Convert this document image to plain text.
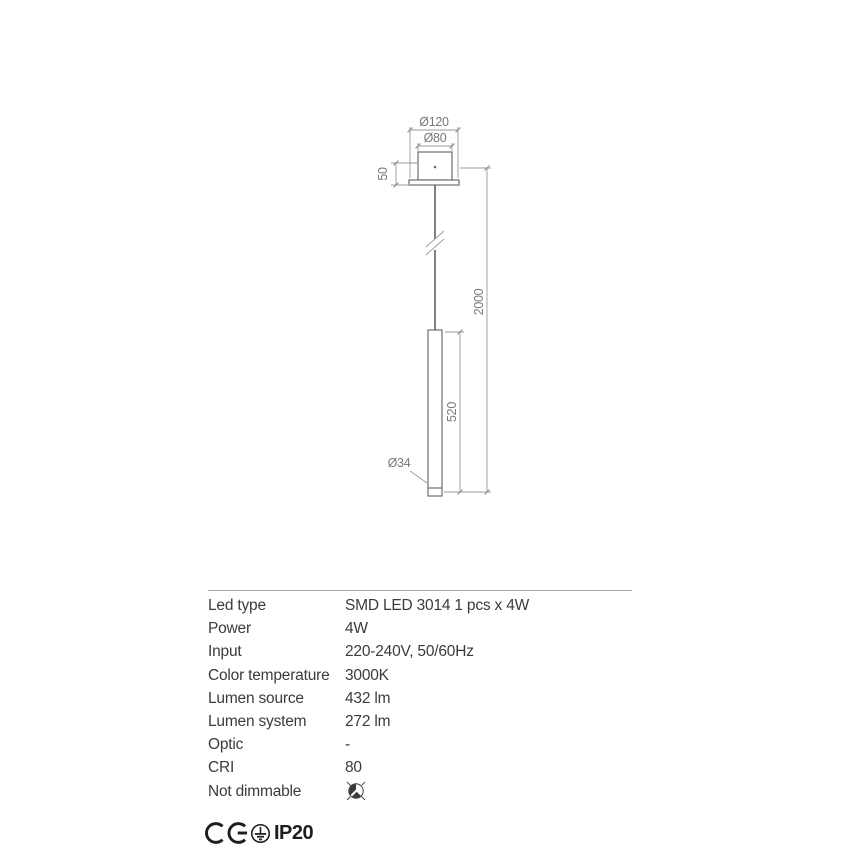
Ø120
Ø80
50
Ø34
520
2000
Led type	SMD LED 3014 1 pcs x 4W
Power	4W
Input	220-240V, 50/60Hz
Color temperature 3000K
Lumen source	432 lm
Lumen system	272 lm
Optic	-
CRI	80
Not dimmable
IP20
